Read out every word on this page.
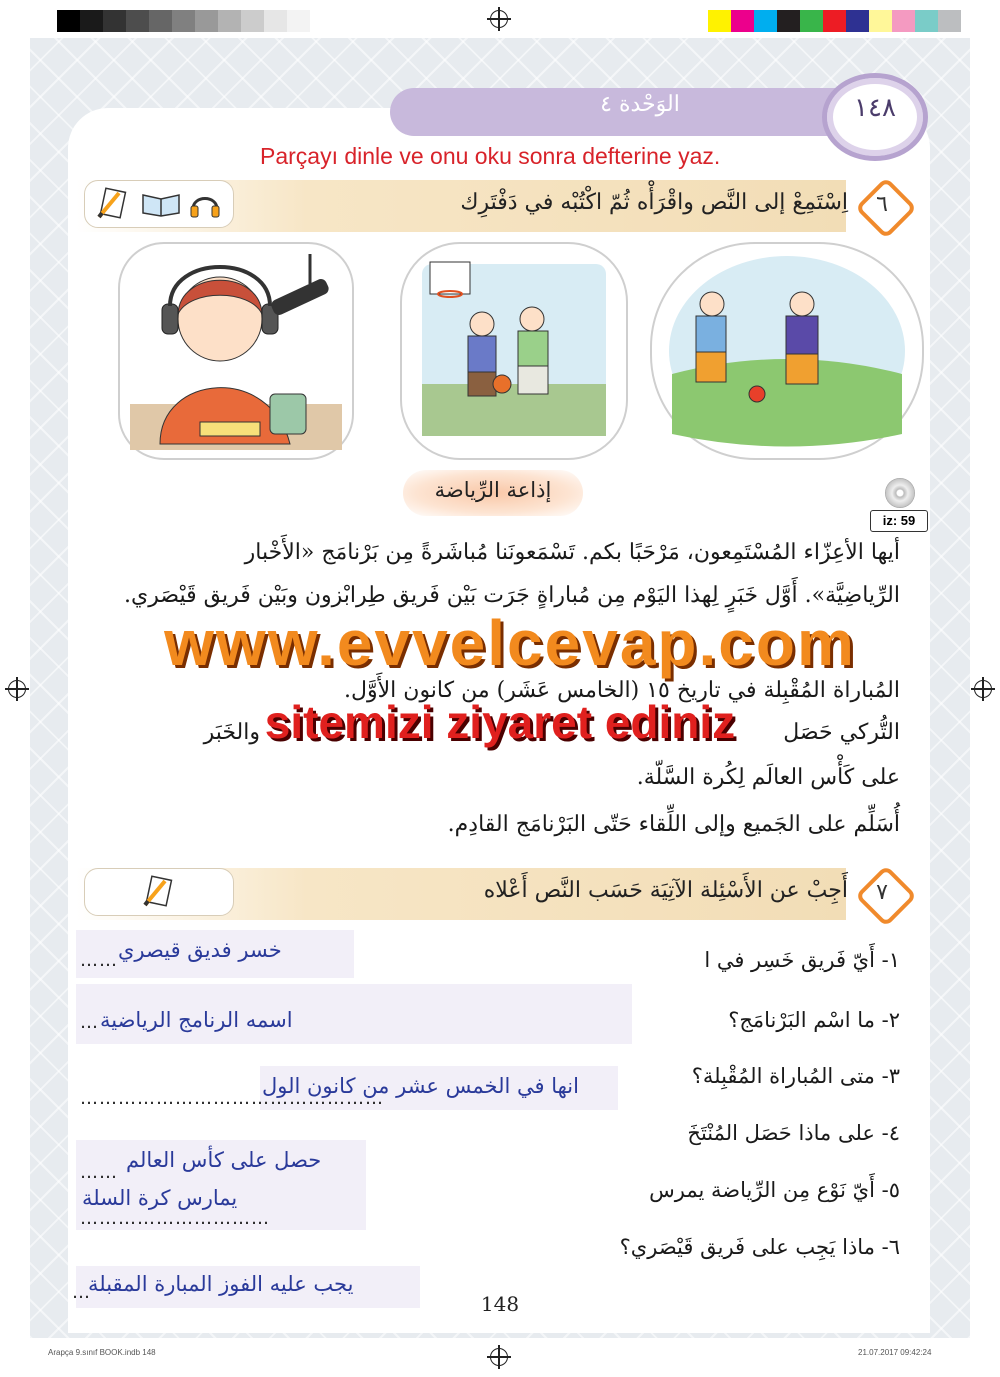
الوَحْدة ٤	١٤٨
Parçayı dinle ve onu oku sonra defterine yaz.
٦
اِسْتَمِعْ إلى النَّص واقْرَأْه ثُمّ اكْتُبْه في دَفْتَرِك
إذاعة الرِّياضة
iz: 59
أيها الأعِزّاء المُسْتَمِعون، مَرْحَبًا بكم. تَسْمَعونَنا مُباشَرةً مِن بَرْنامَج «الأَخْبار
الرِّياضِيَّة». أَوَّل خَبَرٍ لِهذا اليَوْم مِن مُباراةٍ جَرَت بَيْن فَريق طِرابْزون وبَيْن فَريق قَيْصَري.
المُباراة المُقْبِلة في تاريخ ١٥ (الخامس عَشَر) من كانون الأَوَّل.
التُّركي حَصَل
والخَبَر
على كَأْس العالَم لِكُرة السَّلّة.
أُسَلِّم على الجَميع وإلى اللِّقاء حَتّى البَرْنامَج القادِم.
www.evvelcevap.com
sitemizi ziyaret ediniz
٧
أَجِبْ عن الأَسْئِلة الآتِيَة حَسَب النَّص أَعْلاه
١- أَيّ فَريق خَسِر في ا
٢- ما اسْم البَرْنامَج؟
٣- متى المُباراة المُقْبِلة؟
٤- على ماذا حَصَل المُنْتَخَ
٥- أَيّ نَوْع مِن الرِّياضة يمرس
٦- ماذا يَجِب على فَريق قَيْصَري؟
…… خسر فديق قيصري
… اسمه الرنامج الرياضية
…………………………………………
انها في الخمس عشر من كانون الول
……
حصل على كأس العالم
…………………………
يمارس كرة السلة
…
يجب عليه الفوز المبارة المقبلة
148
Arapça 9.sınıf BOOK.indb 148	21.07.2017 09:42:24
